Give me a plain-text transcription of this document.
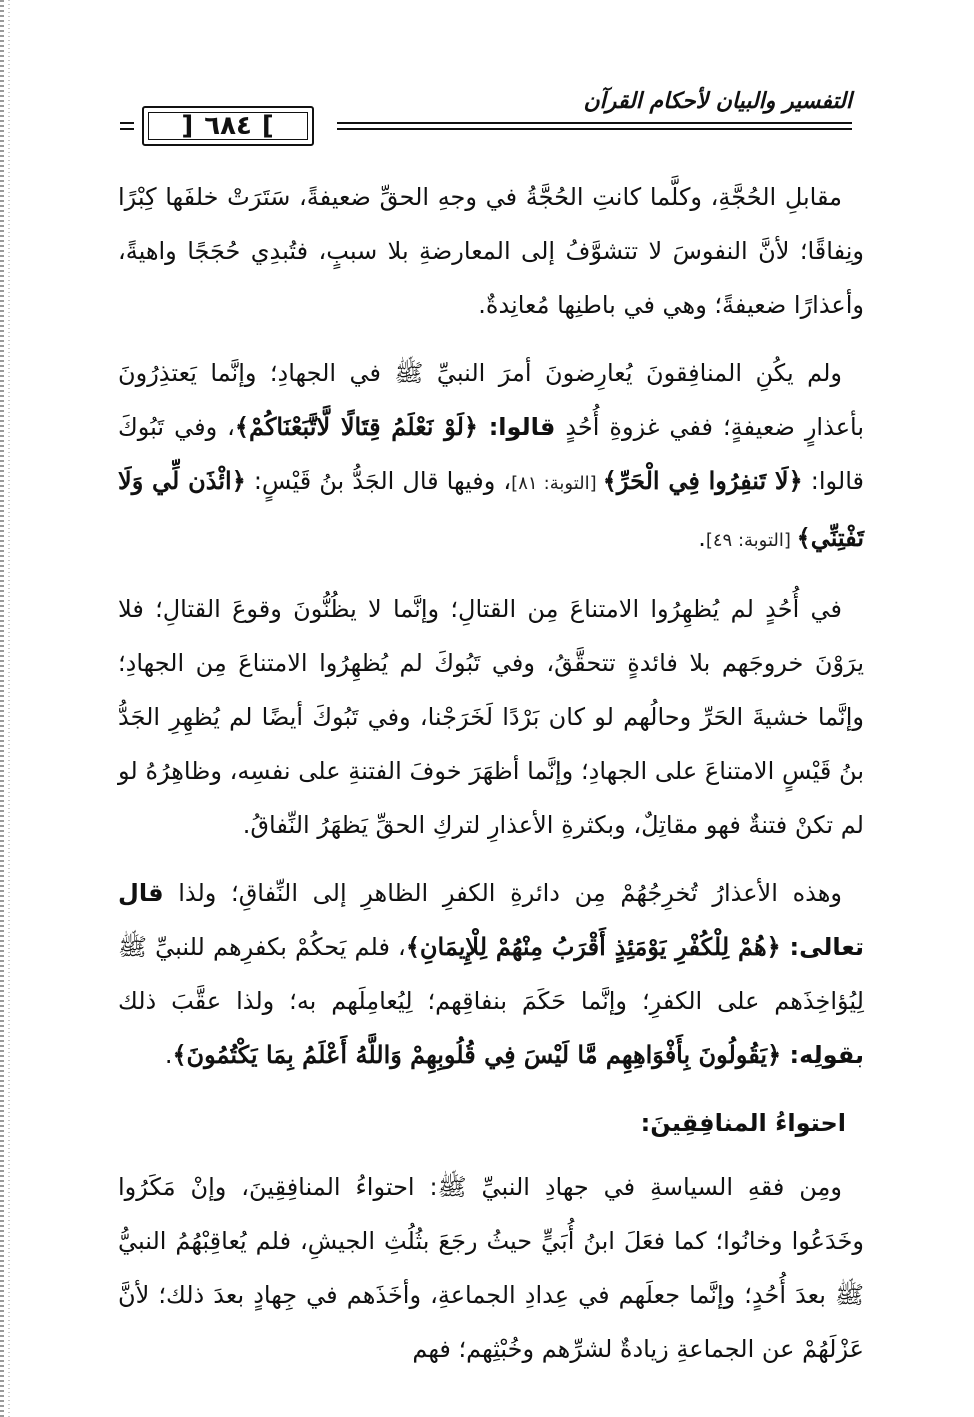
التفسير والبيان لأحكام القرآن
]
٦٨٤
[
مقابلِ الحُجَّةِ، وكلَّما كانتِ الحُجَّةُ في وجهِ الحقِّ ضعيفةً، سَتَرَتْ خلفَها كِبْرًا ونِفاقًا؛ لأنَّ النفوسَ لا تتشوَّفُ إلى المعارضةِ بلا سببٍ، فتُبدِي حُجَجًا واهيةً، وأعذارًا ضعيفةً؛ وهي في باطنِها مُعانِدةٌ.
ولم يكُنِ المنافِقونَ يُعارِضونَ أمرَ النبيِّ ﷺ في الجهادِ؛ وإنَّما يَعتذِرُونَ بأعذارٍ ضعيفةٍ؛ ففي غزوةِ أُحُدٍ قالوا: ﴿لَوْ نَعْلَمُ قِتَالًا لَّاتَّبَعْنَاكُمْ﴾، وفي تَبُوكَ قالوا: ﴿لَا تَنفِرُوا فِي الْحَرِّ﴾ [التوبة: ٨١]، وفيها قال الجَدُّ بنُ قَيْسٍ: ﴿ائْذَن لِّي وَلَا تَفْتِنِّي﴾ [التوبة: ٤٩].
في أُحُدٍ لم يُظهِرُوا الامتناعَ مِن القتالِ؛ وإنَّما لا يظُنُّونَ وقوعَ القتالِ؛ فلا يرَوْنَ خروجَهم بلا فائدةٍ تتحقَّقُ، وفي تَبُوكَ لم يُظهِرُوا الامتناعَ مِن الجهادِ؛ وإنَّما خشيةَ الحَرِّ وحالُهم لو كان بَرْدًا لَخَرَجْنا، وفي تَبُوكَ أيضًا لم يُظهِرِ الجَدُّ بنُ قَيْسٍ الامتناعَ على الجهادِ؛ وإنَّما أظهَرَ خوفَ الفتنةِ على نفسِه، وظاهِرُهُ لو لم تكنْ فتنةٌ فهو مقاتِلٌ، وبكثرةِ الأعذارِ لتركِ الحقِّ يَظهَرُ النِّفاقُ.
وهذه الأعذارُ تُخرِجُهُمْ مِن دائرةِ الكفرِ الظاهرِ إلى النِّفاقِ؛ ولذا قال تعالى: ﴿هُمْ لِلْكُفْرِ يَوْمَئِذٍ أَقْرَبُ مِنْهُمْ لِلْإِيمَانِ﴾، فلم يَحكُمْ بكفرِهم للنبيِّ ﷺ لِيُؤاخِذَهم على الكفرِ؛ وإنَّما حَكَمَ بنفاقِهم؛ لِيُعامِلَهم به؛ ولذا عقَّبَ ذلك بقولِه: ﴿يَقُولُونَ بِأَفْوَاهِهِم مَّا لَيْسَ فِي قُلُوبِهِمْ وَاللَّهُ أَعْلَمُ بِمَا يَكْتُمُونَ﴾.
احتواءُ المنافِقِينَ:
ومِن فقهِ السياسةِ في جهادِ النبيِّ ﷺ: احتواءُ المنافِقِينَ، وإنْ مَكَرُوا وخَدَعُوا وخانُوا؛ كما فعَلَ ابنُ أُبَيٍّ حيثُ رجَعَ بثُلُثِ الجيشِ، فلم يُعاقِبْهُمُ النبيُّ ﷺ بعدَ أُحُدٍ؛ وإنَّما جعلَهم في عِدادِ الجماعةِ، وأخَذَهم في جِهادٍ بعدَ ذلك؛ لأنَّ عَزْلَهُمْ عن الجماعةِ زيادةٌ لشرِّهم وخُبْثِهم؛ فهم
